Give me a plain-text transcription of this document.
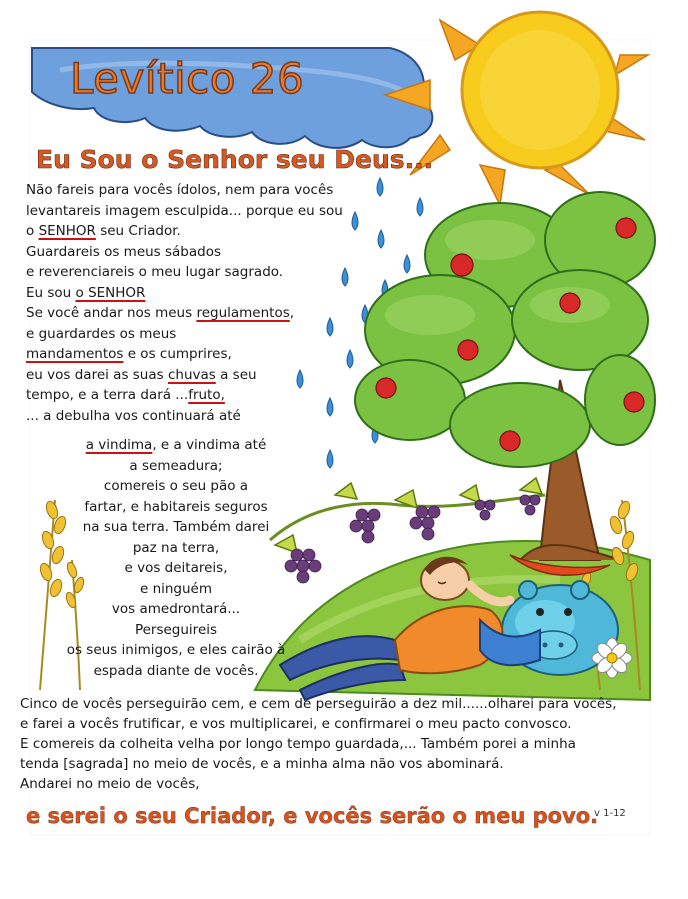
Levítico 26
Eu Sou o Senhor seu Deus...
Não fareis para vocês ídolos, nem para vocês
levantareis imagem esculpida... porque eu sou
o SENHOR seu Criador.
Guardareis os meus sábados
e reverenciareis o meu lugar sagrado.
Eu sou o SENHOR
Se você andar nos meus regulamentos,
e guardardes os meus
mandamentos e os cumprires,
eu vos darei as suas chuvas a seu
tempo, e a terra dará ...fruto,
... a debulha vos continuará até
a vindima, e a vindima até
a semeadura;
comereis o seu pão a
fartar, e habitareis seguros
na sua terra. Também darei
paz na terra,
e vos deitareis,
e ninguém
vos amedrontará...
Perseguireis
os seus inimigos, e eles cairão à
espada diante de vocês.
Cinco de vocês perseguirão cem, e cem de perseguirão a dez mil......olharei para vocês,
e farei a vocês frutificar, e vos multiplicarei, e confirmarei o meu pacto convosco.
E comereis da colheita velha por longo tempo guardada,... Também porei a minha
tenda [sagrada] no meio de vocês, e a minha alma não vos abominará.
Andarei no meio de vocês,
e serei o seu Criador, e vocês serão o meu povo.
v 1-12
